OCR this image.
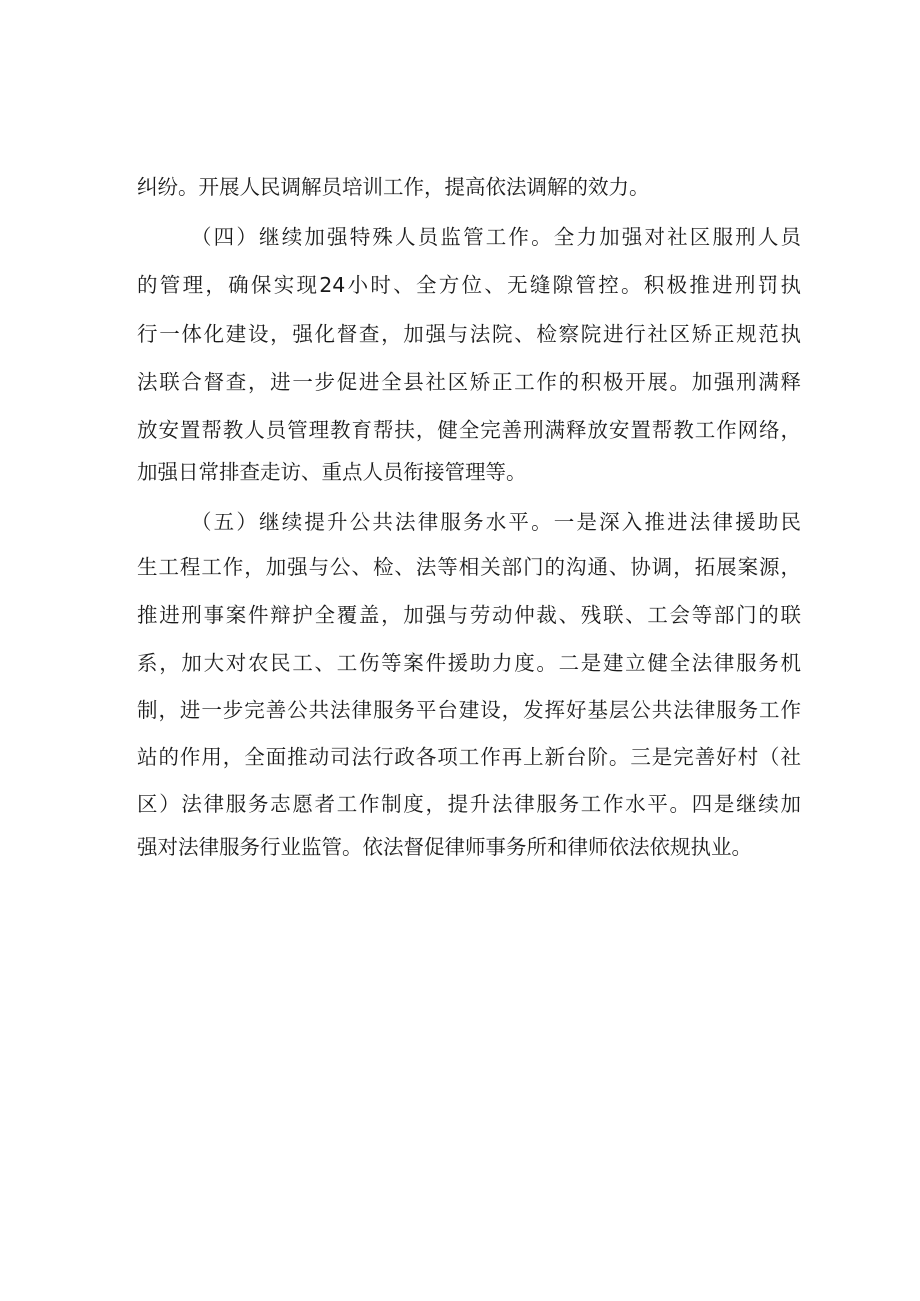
纠纷。开展人民调解员培训工作，提高依法调解的效力。
（四）继续加强特殊人员监管工作。全力加强对社区服刑人员
的管理，确保实现24小时、全方位、无缝隙管控。积极推进刑罚执
行一体化建设，强化督查，加强与法院、检察院进行社区矫正规范执
法联合督查，进一步促进全县社区矫正工作的积极开展。加强刑满释
放安置帮教人员管理教育帮扶，健全完善刑满释放安置帮教工作网络，
加强日常排查走访、重点人员衔接管理等。
（五）继续提升公共法律服务水平。一是深入推进法律援助民
生工程工作，加强与公、检、法等相关部门的沟通、协调，拓展案源，
推进刑事案件辩护全覆盖，加强与劳动仲裁、残联、工会等部门的联
系，加大对农民工、工伤等案件援助力度。二是建立健全法律服务机
制，进一步完善公共法律服务平台建设，发挥好基层公共法律服务工作
站的作用，全面推动司法行政各项工作再上新台阶。三是完善好村（社
区）法律服务志愿者工作制度，提升法律服务工作水平。四是继续加
强对法律服务行业监管。依法督促律师事务所和律师依法依规执业。
